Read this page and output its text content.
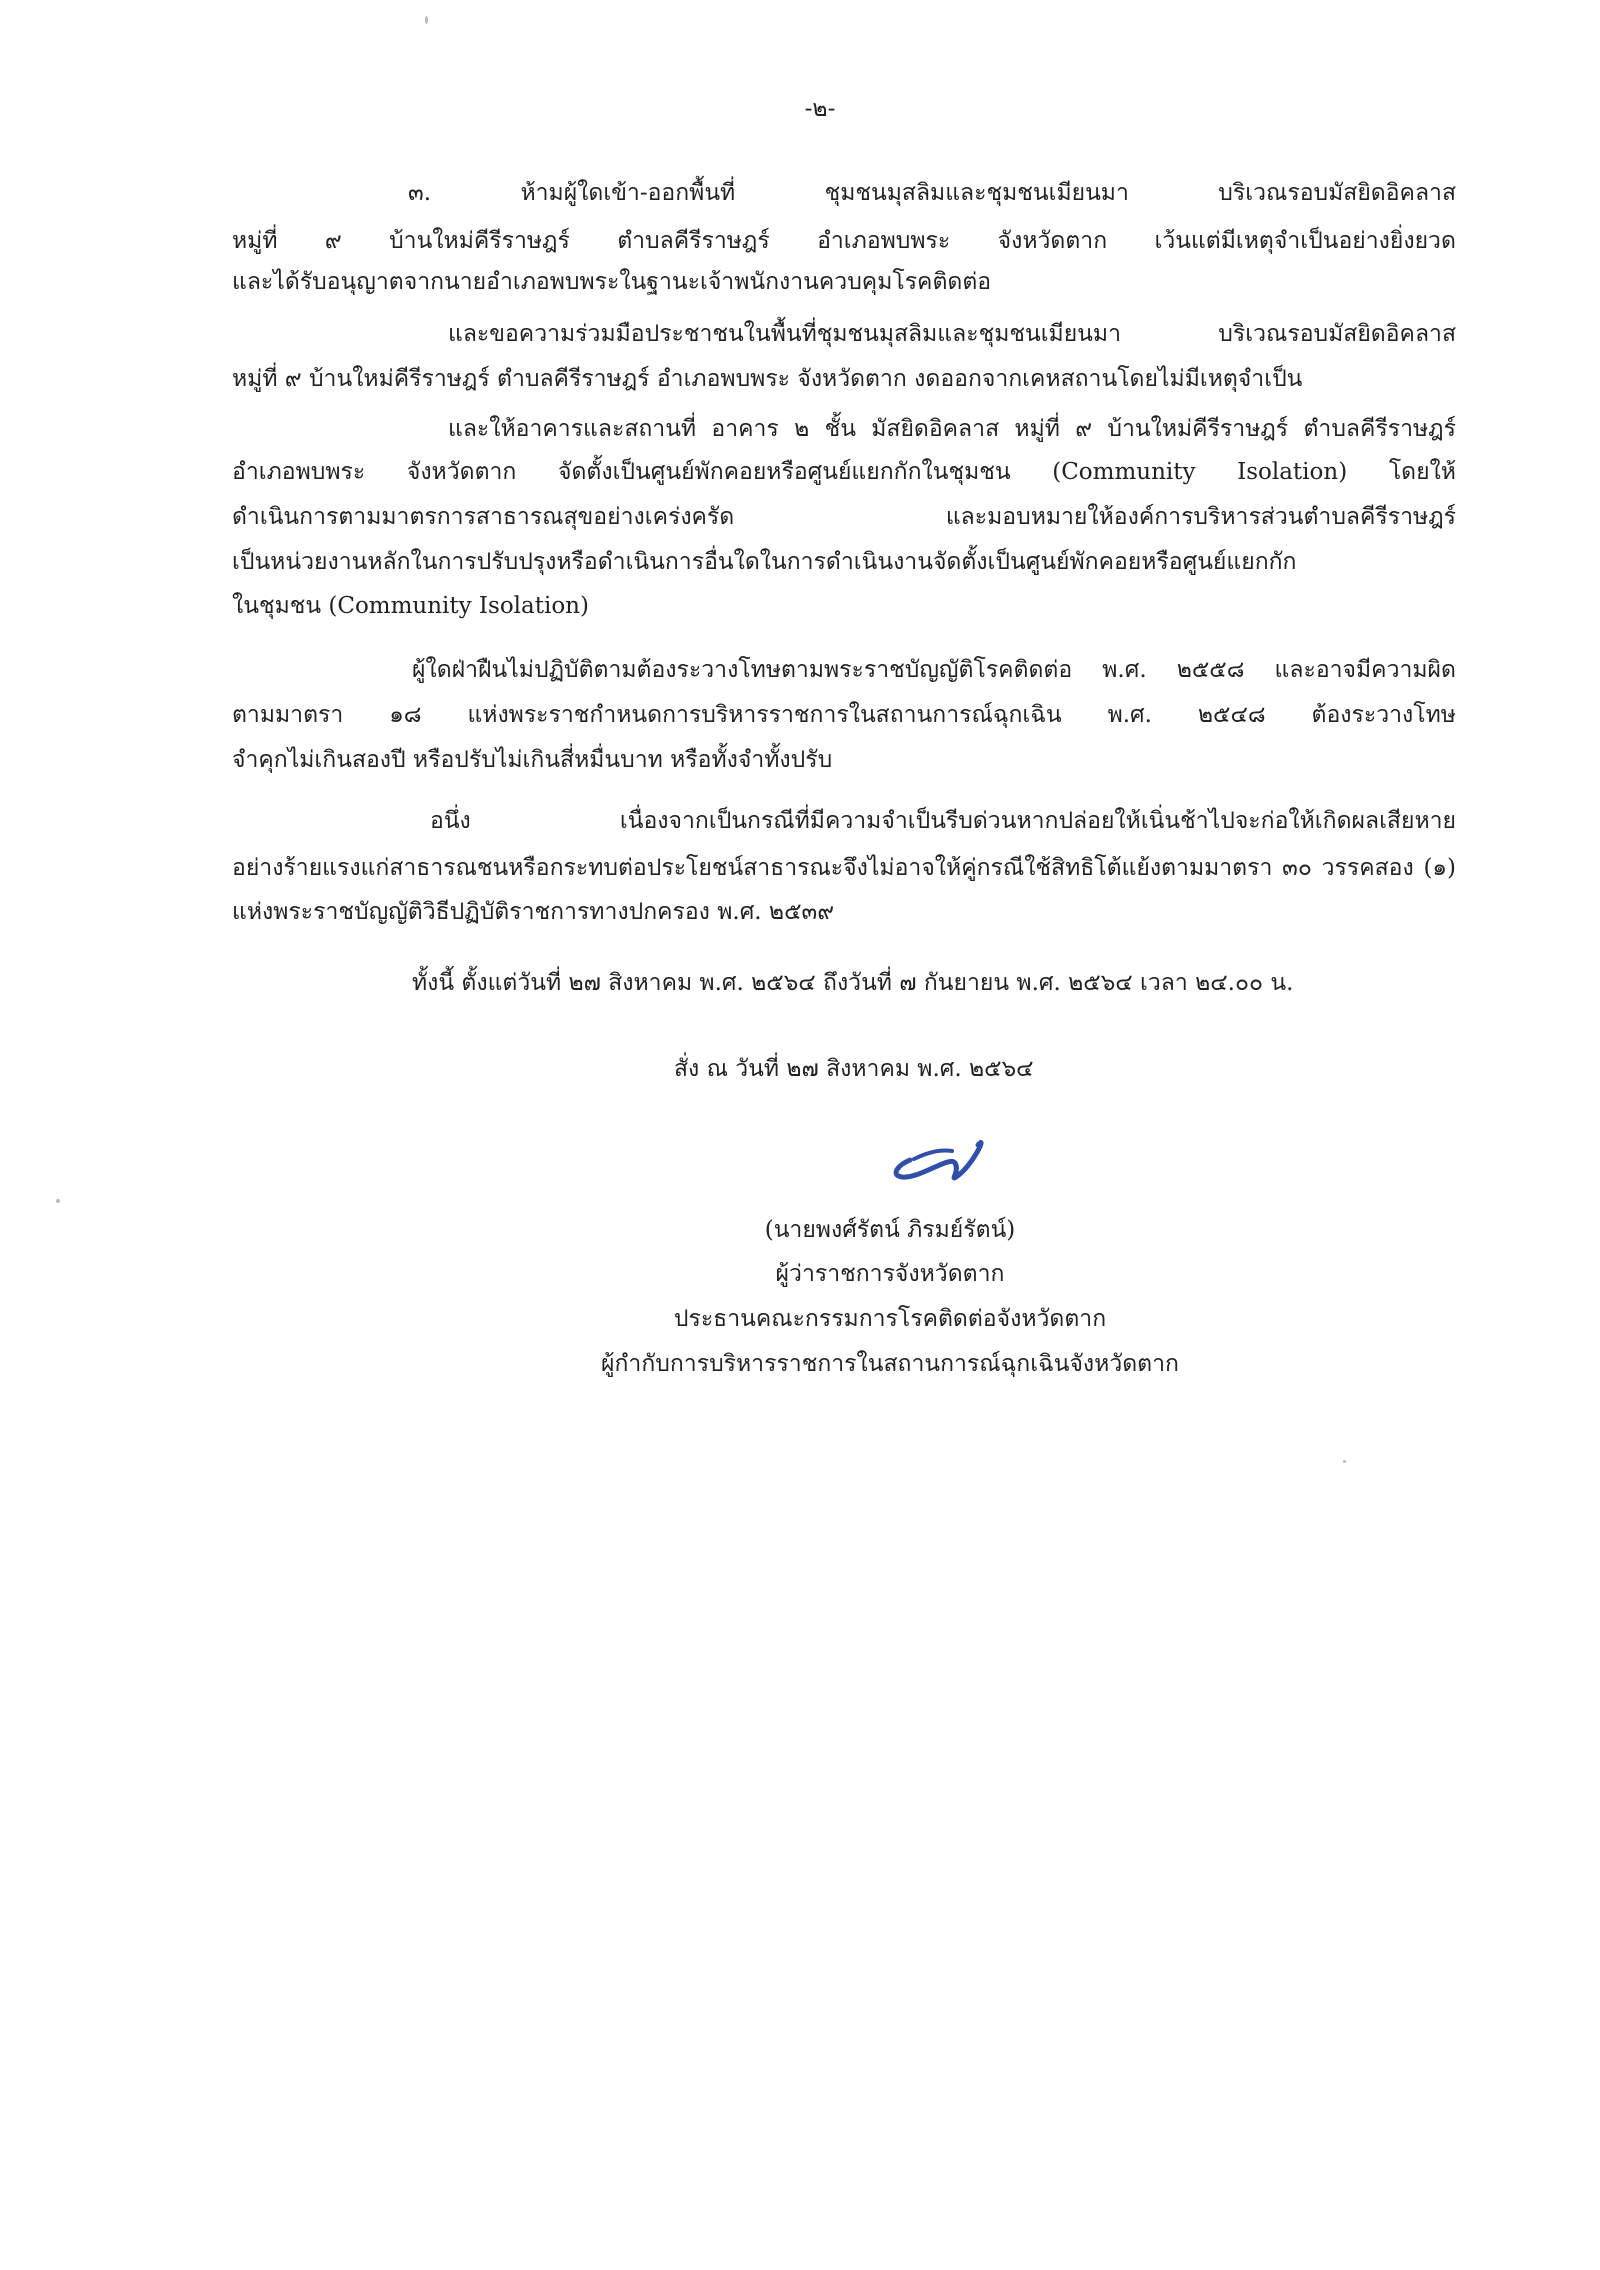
-๒-
๓.	ห้ามผู้ใดเข้า-ออกพื้นที่	ชุมชนมุสลิมและชุมชนเมียนมา	บริเวณรอบมัสยิดอิคลาส
หมู่ที่ ๙ บ้านใหม่คีรีราษฎร์ ตำบลคีรีราษฎร์ อำเภอพบพระ จังหวัดตาก เว้นแต่มีเหตุจำเป็นอย่างยิ่งยวด
และได้รับอนุญาตจากนายอำเภอพบพระในฐานะเจ้าพนักงานควบคุมโรคติดต่อ
และขอความร่วมมือประชาชนในพื้นที่ชุมชนมุสลิมและชุมชนเมียนมา	บริเวณรอบมัสยิดอิคลาส
หมู่ที่ ๙ บ้านใหม่คีรีราษฎร์ ตำบลคีรีราษฎร์ อำเภอพบพระ จังหวัดตาก งดออกจากเคหสถานโดยไม่มีเหตุจำเป็น
และให้อาคารและสถานที่ อาคาร ๒ ชั้น มัสยิดอิคลาส หมู่ที่ ๙ บ้านใหม่คีรีราษฎร์ ตำบลคีรีราษฎร์
อำเภอพบพระ จังหวัดตาก จัดตั้งเป็นศูนย์พักคอยหรือศูนย์แยกกักในชุมชน (Community Isolation) โดยให้
ดำเนินการตามมาตรการสาธารณสุขอย่างเคร่งครัด	และมอบหมายให้องค์การบริหารส่วนตำบลคีรีราษฎร์
เป็นหน่วยงานหลักในการปรับปรุงหรือดำเนินการอื่นใดในการดำเนินงานจัดตั้งเป็นศูนย์พักคอยหรือศูนย์แยกกัก
ในชุมชน (Community Isolation)
ผู้ใดฝ่าฝืนไม่ปฏิบัติตามต้องระวางโทษตามพระราชบัญญัติโรคติดต่อ พ.ศ. ๒๕๕๘ และอาจมีความผิด
ตามมาตรา ๑๘ แห่งพระราชกำหนดการบริหารราชการในสถานการณ์ฉุกเฉิน พ.ศ. ๒๕๔๘ ต้องระวางโทษ
จำคุกไม่เกินสองปี หรือปรับไม่เกินสี่หมื่นบาท หรือทั้งจำทั้งปรับ
อนึ่ง	เนื่องจากเป็นกรณีที่มีความจำเป็นรีบด่วนหากปล่อยให้เนิ่นช้าไปจะก่อให้เกิดผลเสียหาย
อย่างร้ายแรงแก่สาธารณชนหรือกระทบต่อประโยชน์สาธารณะจึงไม่อาจให้คู่กรณีใช้สิทธิโต้แย้งตามมาตรา ๓๐ วรรคสอง (๑)
แห่งพระราชบัญญัติวิธีปฏิบัติราชการทางปกครอง พ.ศ. ๒๕๓๙
ทั้งนี้ ตั้งแต่วันที่ ๒๗ สิงหาคม พ.ศ. ๒๕๖๔ ถึงวันที่ ๗ กันยายน พ.ศ. ๒๕๖๔ เวลา ๒๔.๐๐ น.
สั่ง ณ วันที่ ๒๗ สิงหาคม พ.ศ. ๒๕๖๔
(นายพงศ์รัตน์ ภิรมย์รัตน์)
ผู้ว่าราชการจังหวัดตาก
ประธานคณะกรรมการโรคติดต่อจังหวัดตาก
ผู้กำกับการบริหารราชการในสถานการณ์ฉุกเฉินจังหวัดตาก
